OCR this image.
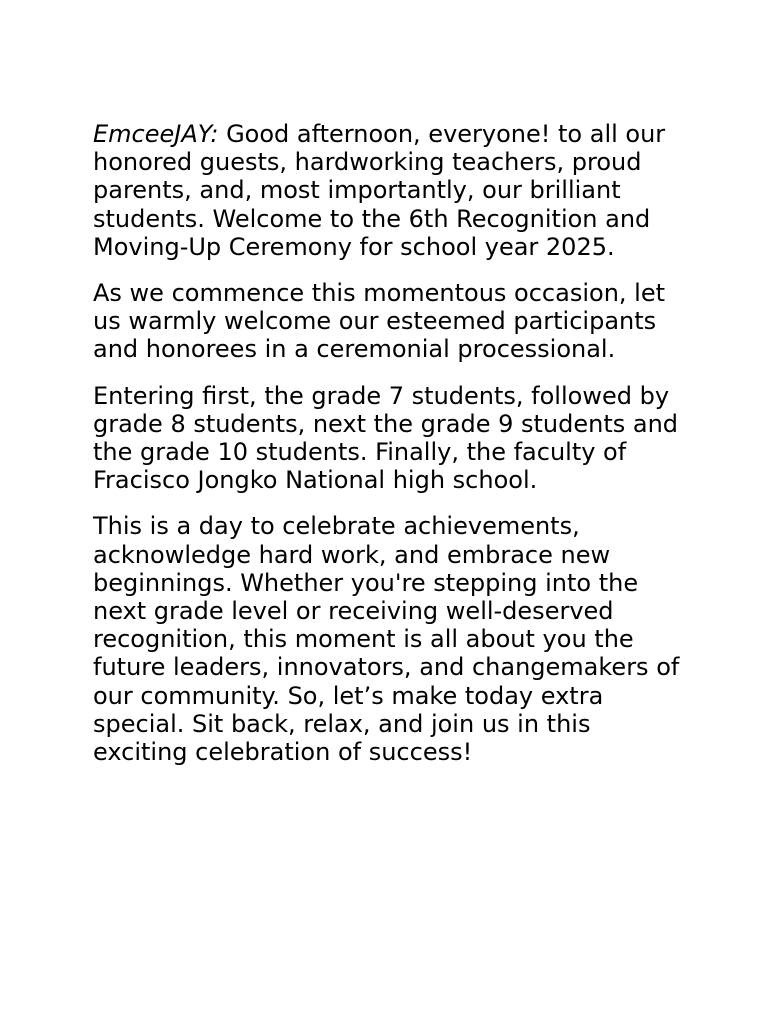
EmceeJAY: Good afternoon, everyone! to all our honored guests, hardworking teachers, proud parents, and, most importantly, our brilliant students. Welcome to the 6th Recognition and Moving-Up Ceremony for school year 2025.

As we commence this momentous occasion, let us warmly welcome our esteemed participants and honorees in a ceremonial processional.

Entering first, the grade 7 students, followed by grade 8 students, next the grade 9 students and the grade 10 students. Finally, the faculty of Fracisco Jongko National high school.

This is a day to celebrate achievements, acknowledge hard work, and embrace new beginnings. Whether you're stepping into the next grade level or receiving well-deserved recognition, this moment is all about you the future leaders, innovators, and changemakers of our community. So, let’s make today extra special. Sit back, relax, and join us in this exciting celebration of success!
